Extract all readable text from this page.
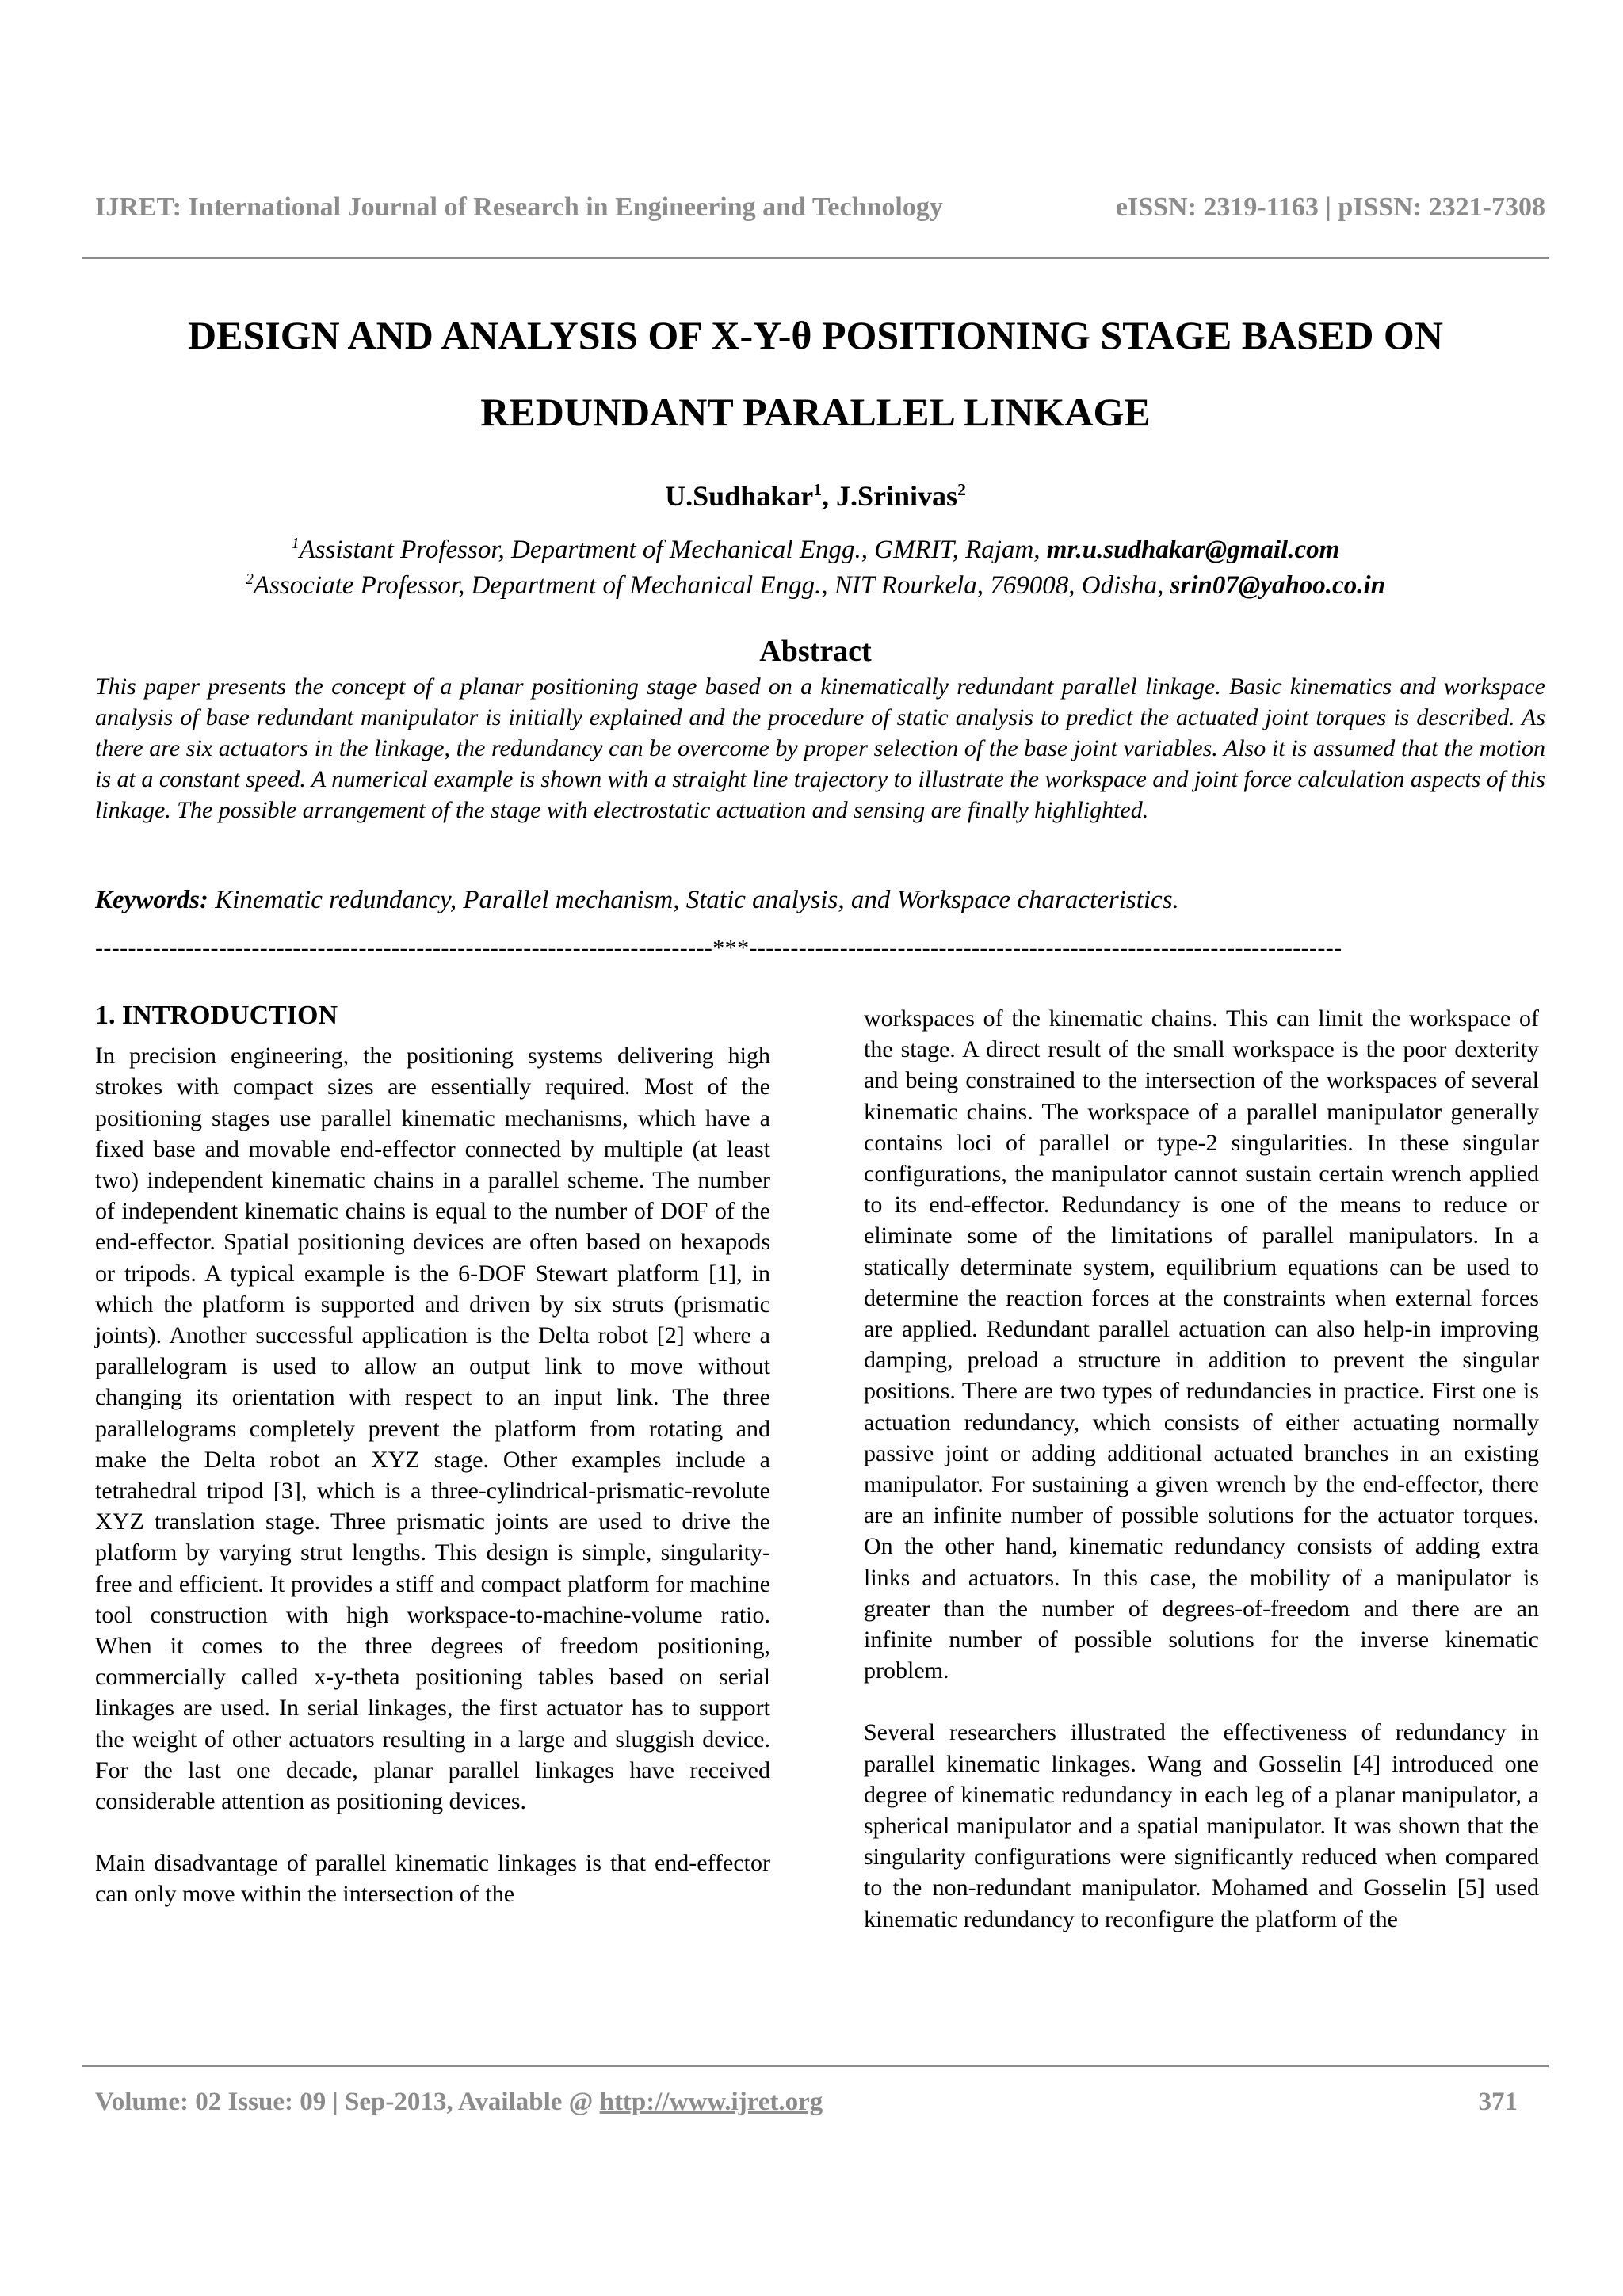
IJRET: International Journal of Research in Engineering and Technology	eISSN: 2319-1163 | pISSN: 2321-7308
DESIGN AND ANALYSIS OF X-Y-θ POSITIONING STAGE BASED ON
REDUNDANT PARALLEL LINKAGE
U.Sudhakar$^1$, J.Srinivas$^2$
$^1$Assistant Professor, Department of Mechanical Engg., GMRIT, Rajam, mr.u.sudhakar@gmail.com
$^2$Associate Professor, Department of Mechanical Engg., NIT Rourkela, 769008, Odisha, srin07@yahoo.co.in
Abstract
This paper presents the concept of a planar positioning stage based on a kinematically redundant parallel linkage. Basic kinematics and workspace analysis of base redundant manipulator is initially explained and the procedure of static analysis to predict the actuated joint torques is described. As there are six actuators in the linkage, the redundancy can be overcome by proper selection of the base joint variables. Also it is assumed that the motion is at a constant speed. A numerical example is shown with a straight line trajectory to illustrate the workspace and joint force calculation aspects of this linkage. The possible arrangement of the stage with electrostatic actuation and sensing are finally highlighted.
Keywords: Kinematic redundancy, Parallel mechanism, Static analysis, and Workspace characteristics.
---------------------------------------------------------------------------***------------------------------------------------------------------------
1. INTRODUCTION

In precision engineering, the positioning systems delivering high strokes with compact sizes are essentially required. Most of the positioning stages use parallel kinematic mechanisms, which have a fixed base and movable end-effector connected by multiple (at least two) independent kinematic chains in a parallel scheme. The number of independent kinematic chains is equal to the number of DOF of the end-effector. Spatial positioning devices are often based on hexapods or tripods. A typical example is the 6-DOF Stewart platform [1], in which the platform is supported and driven by six struts (prismatic joints). Another successful application is the Delta robot [2] where a parallelogram is used to allow an output link to move without changing its orientation with respect to an input link. The three parallelograms completely prevent the platform from rotating and make the Delta robot an XYZ stage. Other examples include a tetrahedral tripod [3], which is a three-cylindrical-prismatic-revolute XYZ translation stage. Three prismatic joints are used to drive the platform by varying strut lengths. This design is simple, singularity-free and efficient. It provides a stiff and compact platform for machine tool construction with high workspace-to-machine-volume ratio. When it comes to the three degrees of freedom positioning, commercially called x-y-theta positioning tables based on serial linkages are used. In serial linkages, the first actuator has to support the weight of other actuators resulting in a large and sluggish device. For the last one decade, planar parallel linkages have received considerable attention as positioning devices.

Main disadvantage of parallel kinematic linkages is that end-effector can only move within the intersection of the

workspaces of the kinematic chains. This can limit the workspace of the stage. A direct result of the small workspace is the poor dexterity and being constrained to the intersection of the workspaces of several kinematic chains. The workspace of a parallel manipulator generally contains loci of parallel or type-2 singularities. In these singular configurations, the manipulator cannot sustain certain wrench applied to its end-effector. Redundancy is one of the means to reduce or eliminate some of the limitations of parallel manipulators. In a statically determinate system, equilibrium equations can be used to determine the reaction forces at the constraints when external forces are applied. Redundant parallel actuation can also help-in improving damping, preload a structure in addition to prevent the singular positions. There are two types of redundancies in practice. First one is actuation redundancy, which consists of either actuating normally passive joint or adding additional actuated branches in an existing manipulator. For sustaining a given wrench by the end-effector, there are an infinite number of possible solutions for the actuator torques. On the other hand, kinematic redundancy consists of adding extra links and actuators. In this case, the mobility of a manipulator is greater than the number of degrees-of-freedom and there are an infinite number of possible solutions for the inverse kinematic problem.

Several researchers illustrated the effectiveness of redundancy in parallel kinematic linkages. Wang and Gosselin [4] introduced one degree of kinematic redundancy in each leg of a planar manipulator, a spherical manipulator and a spatial manipulator. It was shown that the singularity configurations were significantly reduced when compared to the non-redundant manipulator. Mohamed and Gosselin [5] used kinematic redundancy to reconfigure the platform of the

Volume: 02 Issue: 09 | Sep-2013, Available @ http://www.ijret.org	371
